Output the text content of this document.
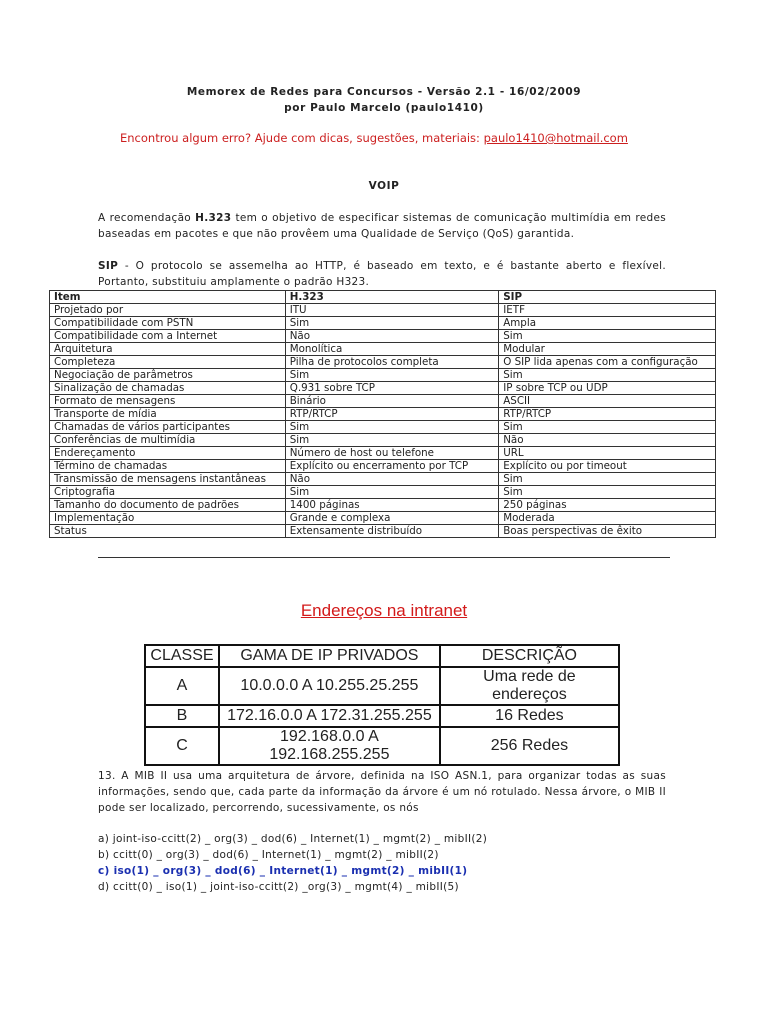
Memorex de Redes para Concursos - Versão 2.1 - 16/02/2009
por Paulo Marcelo (paulo1410)
Encontrou algum erro? Ajude com dicas, sugestões, materiais: paulo1410@hotmail.com
VOIP
A recomendação H.323 tem o objetivo de especificar sistemas de comunicação multimídia em redes baseadas em pacotes e que não provêem uma Qualidade de Serviço (QoS) garantida.
SIP - O protocolo se assemelha ao HTTP, é baseado em texto, e é bastante aberto e flexível. Portanto, substituiu amplamente o padrão H323.
Item	H.323	SIP
Projetado por	ITU	IETF
Compatibilidade com PSTN	Sim	Ampla
Compatibilidade com a Internet	Não	Sim
Arquitetura	Monolítica	Modular
Completeza	Pilha de protocolos completa	O SIP lida apenas com a configuração
Negociação de parâmetros	Sim	Sim
Sinalização de chamadas	Q.931 sobre TCP	IP sobre TCP ou UDP
Formato de mensagens	Binário	ASCII
Transporte de mídia	RTP/RTCP	RTP/RTCP
Chamadas de vários participantes	Sim	Sim
Conferências de multimídia	Sim	Não
Endereçamento	Número de host ou telefone	URL
Término de chamadas	Explícito ou encerramento por TCP	Explícito ou por timeout
Transmissão de mensagens instantâneas	Não	Sim
Criptografia	Sim	Sim
Tamanho do documento de padrões	1400 páginas	250 páginas
Implementação	Grande e complexa	Moderada
Status	Extensamente distribuído	Boas perspectivas de êxito
Endereços na intranet
CLASSE	GAMA DE IP PRIVADOS	DESCRIÇÃO
A	10.0.0.0 A 10.255.25.255	Uma rede de endereços
B	172.16.0.0 A 172.31.255.255	16 Redes
C	192.168.0.0 A 192.168.255.255	256 Redes
13. A MIB II usa uma arquitetura de árvore, definida na ISO ASN.1, para organizar todas as suas informações, sendo que, cada parte da informação da árvore é um nó rotulado. Nessa árvore, o MIB II pode ser localizado, percorrendo, sucessivamente, os nós
a) joint-iso-ccitt(2) _ org(3) _ dod(6) _ Internet(1) _ mgmt(2) _ mibII(2)
b) ccitt(0) _ org(3) _ dod(6) _ Internet(1) _ mgmt(2) _ mibII(2)
c) iso(1) _ org(3) _ dod(6) _ Internet(1) _ mgmt(2) _ mibII(1)
d) ccitt(0) _ iso(1) _ joint-iso-ccitt(2) _org(3) _ mgmt(4) _ mibII(5)
